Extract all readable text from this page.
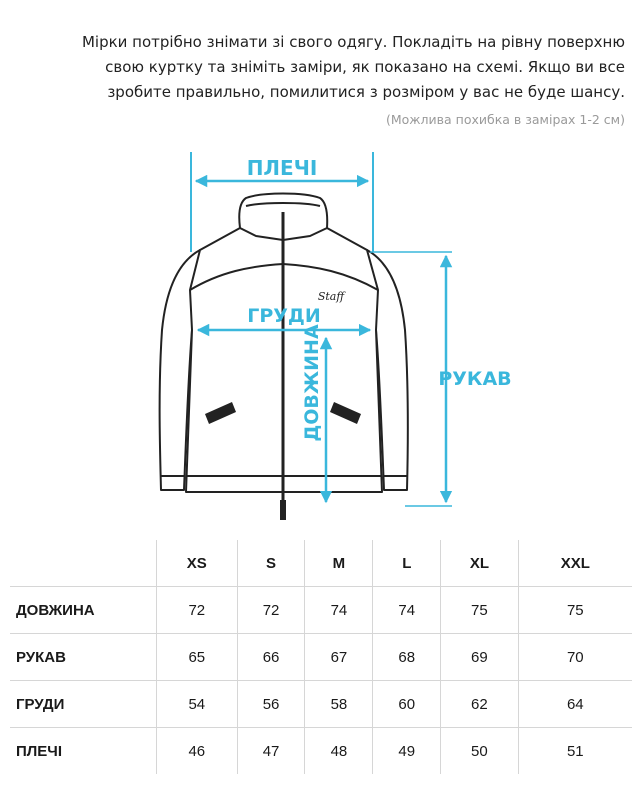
Мірки потрібно знімати зі свого одягу. Покладіть на рівну поверхню

свою куртку та зніміть заміри, як показано на схемі. Якщо ви все

зробите правильно, помилитися з розміром у вас не буде шансу.

(Можлива похибка в замірах 1-2 см)
ПЛЕЧІ
Staff
ГРУДИ
ДОВЖИНА	РУКАВ
	XS	S	M	L	XL	XXL
ДОВЖИНА	72	72	74	74	75	75
РУКАВ	65	66	67	68	69	70
ГРУДИ	54	56	58	60	62	64
ПЛЕЧІ	46	47	48	49	50	51
